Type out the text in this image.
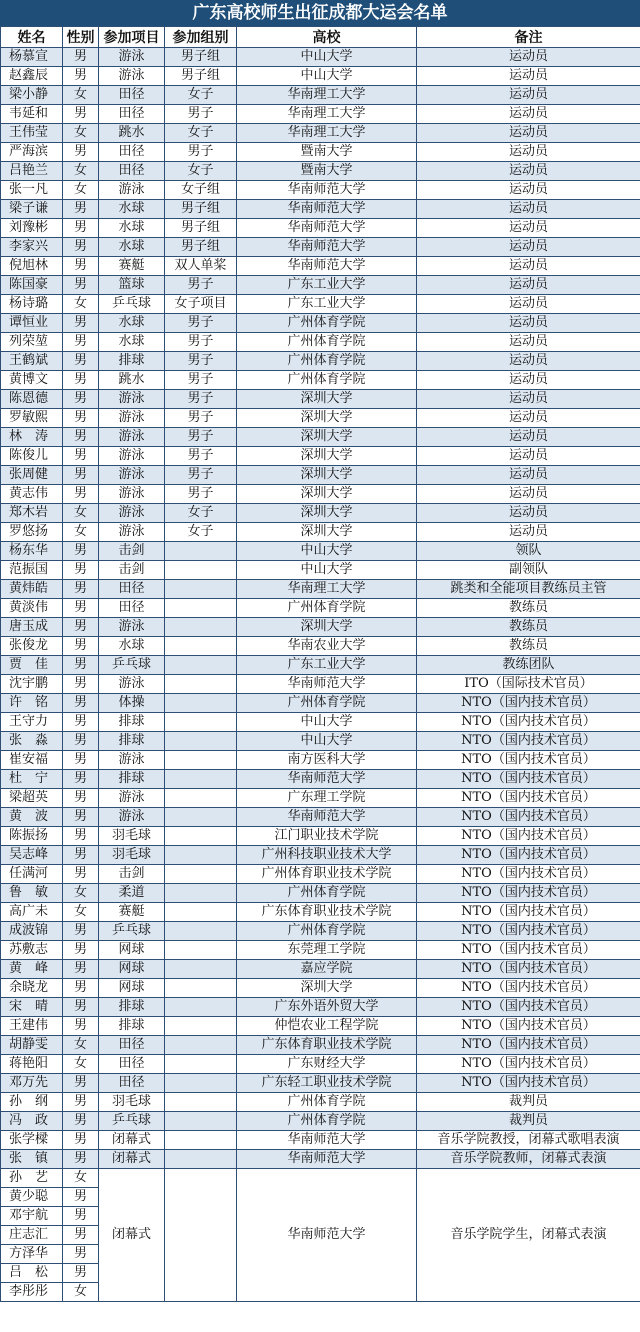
广东高校师生出征成都大运会名单
姓名	性别	参加项目	参加组别	高校	备注
杨慕宣	男	游泳	男子组	中山大学	运动员
赵鑫辰	男	游泳	男子组	中山大学	运动员
梁小静	女	田径	女子	华南理工大学	运动员
韦延和	男	田径	男子	华南理工大学	运动员
王伟莹	女	跳水	女子	华南理工大学	运动员
严海滨	男	田径	男子	暨南大学	运动员
吕艳兰	女	田径	女子	暨南大学	运动员
张一凡	女	游泳	女子组	华南师范大学	运动员
梁子谦	男	水球	男子组	华南师范大学	运动员
刘豫彬	男	水球	男子组	华南师范大学	运动员
李家兴	男	水球	男子组	华南师范大学	运动员
倪旭林	男	赛艇	双人单桨	华南师范大学	运动员
陈国豪	男	篮球	男子	广东工业大学	运动员
杨诗璐	女	乒乓球	女子项目	广东工业大学	运动员
谭恒业	男	水球	男子	广州体育学院	运动员
列荣堃	男	水球	男子	广州体育学院	运动员
王鹤斌	男	排球	男子	广州体育学院	运动员
黄博文	男	跳水	男子	广州体育学院	运动员
陈恩德	男	游泳	男子	深圳大学	运动员
罗敏熙	男	游泳	男子	深圳大学	运动员
林　涛	男	游泳	男子	深圳大学	运动员
陈俊儿	男	游泳	男子	深圳大学	运动员
张周健	男	游泳	男子	深圳大学	运动员
黄志伟	男	游泳	男子	深圳大学	运动员
郑木岩	女	游泳	女子	深圳大学	运动员
罗悠扬	女	游泳	女子	深圳大学	运动员
杨东华	男	击剑		中山大学	领队
范振国	男	击剑		中山大学	副领队
黄炜皓	男	田径		华南理工大学	跳类和全能项目教练员主管
黄淡伟	男	田径		广州体育学院	教练员
唐玉成	男	游泳		深圳大学	教练员
张俊龙	男	水球		华南农业大学	教练员
贾　佳	男	乒乓球		广东工业大学	教练团队
沈宇鹏	男	游泳		华南师范大学	ITO（国际技术官员）
许　铭	男	体操		广州体育学院	NTO（国内技术官员）
王守力	男	排球		中山大学	NTO（国内技术官员）
张　淼	男	排球		中山大学	NTO（国内技术官员）
崔安福	男	游泳		南方医科大学	NTO（国内技术官员）
杜　宁	男	排球		华南师范大学	NTO（国内技术官员）
梁超英	男	游泳		广东理工学院	NTO（国内技术官员）
黄　波	男	游泳		华南师范大学	NTO（国内技术官员）
陈振扬	男	羽毛球		江门职业技术学院	NTO（国内技术官员）
吴志峰	男	羽毛球		广州科技职业技术大学	NTO（国内技术官员）
任满河	男	击剑		广州体育职业技术学院	NTO（国内技术官员）
鲁　敏	女	柔道		广州体育学院	NTO（国内技术官员）
高广未	女	赛艇		广东体育职业技术学院	NTO（国内技术官员）
成波锦	男	乒乓球		广州体育学院	NTO（国内技术官员）
苏敷志	男	网球		东莞理工学院	NTO（国内技术官员）
黄　峰	男	网球		嘉应学院	NTO（国内技术官员）
余晓龙	男	网球		深圳大学	NTO（国内技术官员）
宋　晴	男	排球		广东外语外贸大学	NTO（国内技术官员）
王建伟	男	排球		仲恺农业工程学院	NTO（国内技术官员）
胡静雯	女	田径		广东体育职业技术学院	NTO（国内技术官员）
蒋艳阳	女	田径		广东财经大学	NTO（国内技术官员）
邓万先	男	田径		广东轻工职业技术学院	NTO（国内技术官员）
孙　纲	男	羽毛球		广州体育学院	裁判员
冯　政	男	乒乓球		广州体育学院	裁判员
张学樑	男	闭幕式		华南师范大学	音乐学院教授，闭幕式歌唱表演
张　镇	男	闭幕式		华南师范大学	音乐学院教师，闭幕式表演
孙　艺	女	闭幕式		华南师范大学	音乐学院学生，闭幕式表演
黄少聪	男				
邓宇航	男				
庄志汇	男				
方泽华	男				
吕　松	男				
李彤彤	女				
